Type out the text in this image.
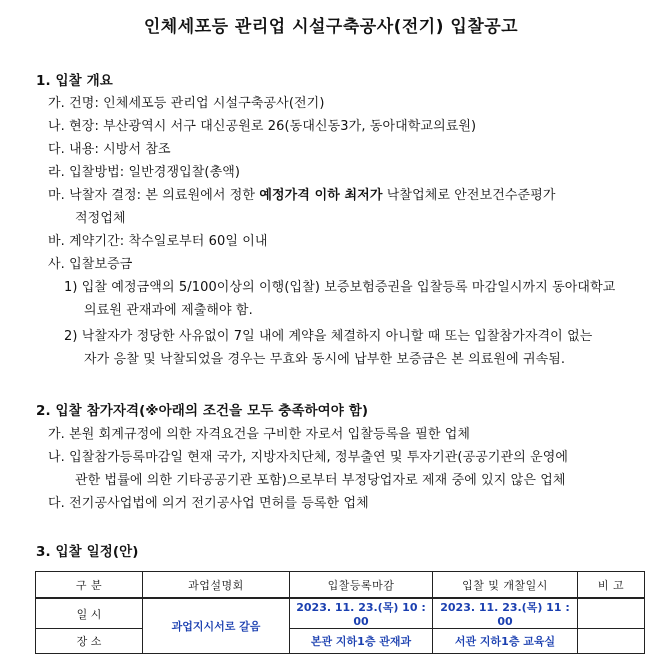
인체세포등 관리업 시설구축공사(전기) 입찰공고
1. 입찰 개요
가. 건명: 인체세포등 관리업 시설구축공사(전기)
나. 현장: 부산광역시 서구 대신공원로 26(동대신동3가, 동아대학교의료원)
다. 내용: 시방서 참조
라. 입찰방법: 일반경쟁입찰(총액)
마. 낙찰자 결정: 본 의료원에서 정한 예정가격 이하 최저가 낙찰업체로 안전보건수준평가
적정업체
바. 계약기간: 착수일로부터 60일 이내
사. 입찰보증금
1) 입찰 예정금액의 5/100이상의 이행(입찰) 보증보험증권을 입찰등록 마감일시까지 동아대학교
의료원 관재과에 제출해야 함.
2) 낙찰자가 정당한 사유없이 7일 내에 계약을 체결하지 아니할 때 또는 입찰참가자격이 없는
자가 응찰 및 낙찰되었을 경우는 무효와 동시에 납부한 보증금은 본 의료원에 귀속됨.
2. 입찰 참가자격(※아래의 조건을 모두 충족하여야 함)
가. 본원 회계규정에 의한 자격요건을 구비한 자로서 입찰등록을 필한 업체
나. 입찰참가등록마감일 현재 국가, 지방자치단체, 정부출연 및 투자기관(공공기관의 운영에
관한 법률에 의한 기타공공기관 포함)으로부터 부정당업자로 제재 중에 있지 않은 업체
다. 전기공사업법에 의거 전기공사업 면허를 등록한 업체
3. 입찰 일정(안)
구 분	과업설명회	입찰등록마감	입찰 및 개찰일시	비 고
일 시	과업지시서로 갈음	2023. 11. 23.(목) 10 : 00	2023. 11. 23.(목) 11 : 00	
장 소		본관 지하1층 관재과	서관 지하1층 교육실	
